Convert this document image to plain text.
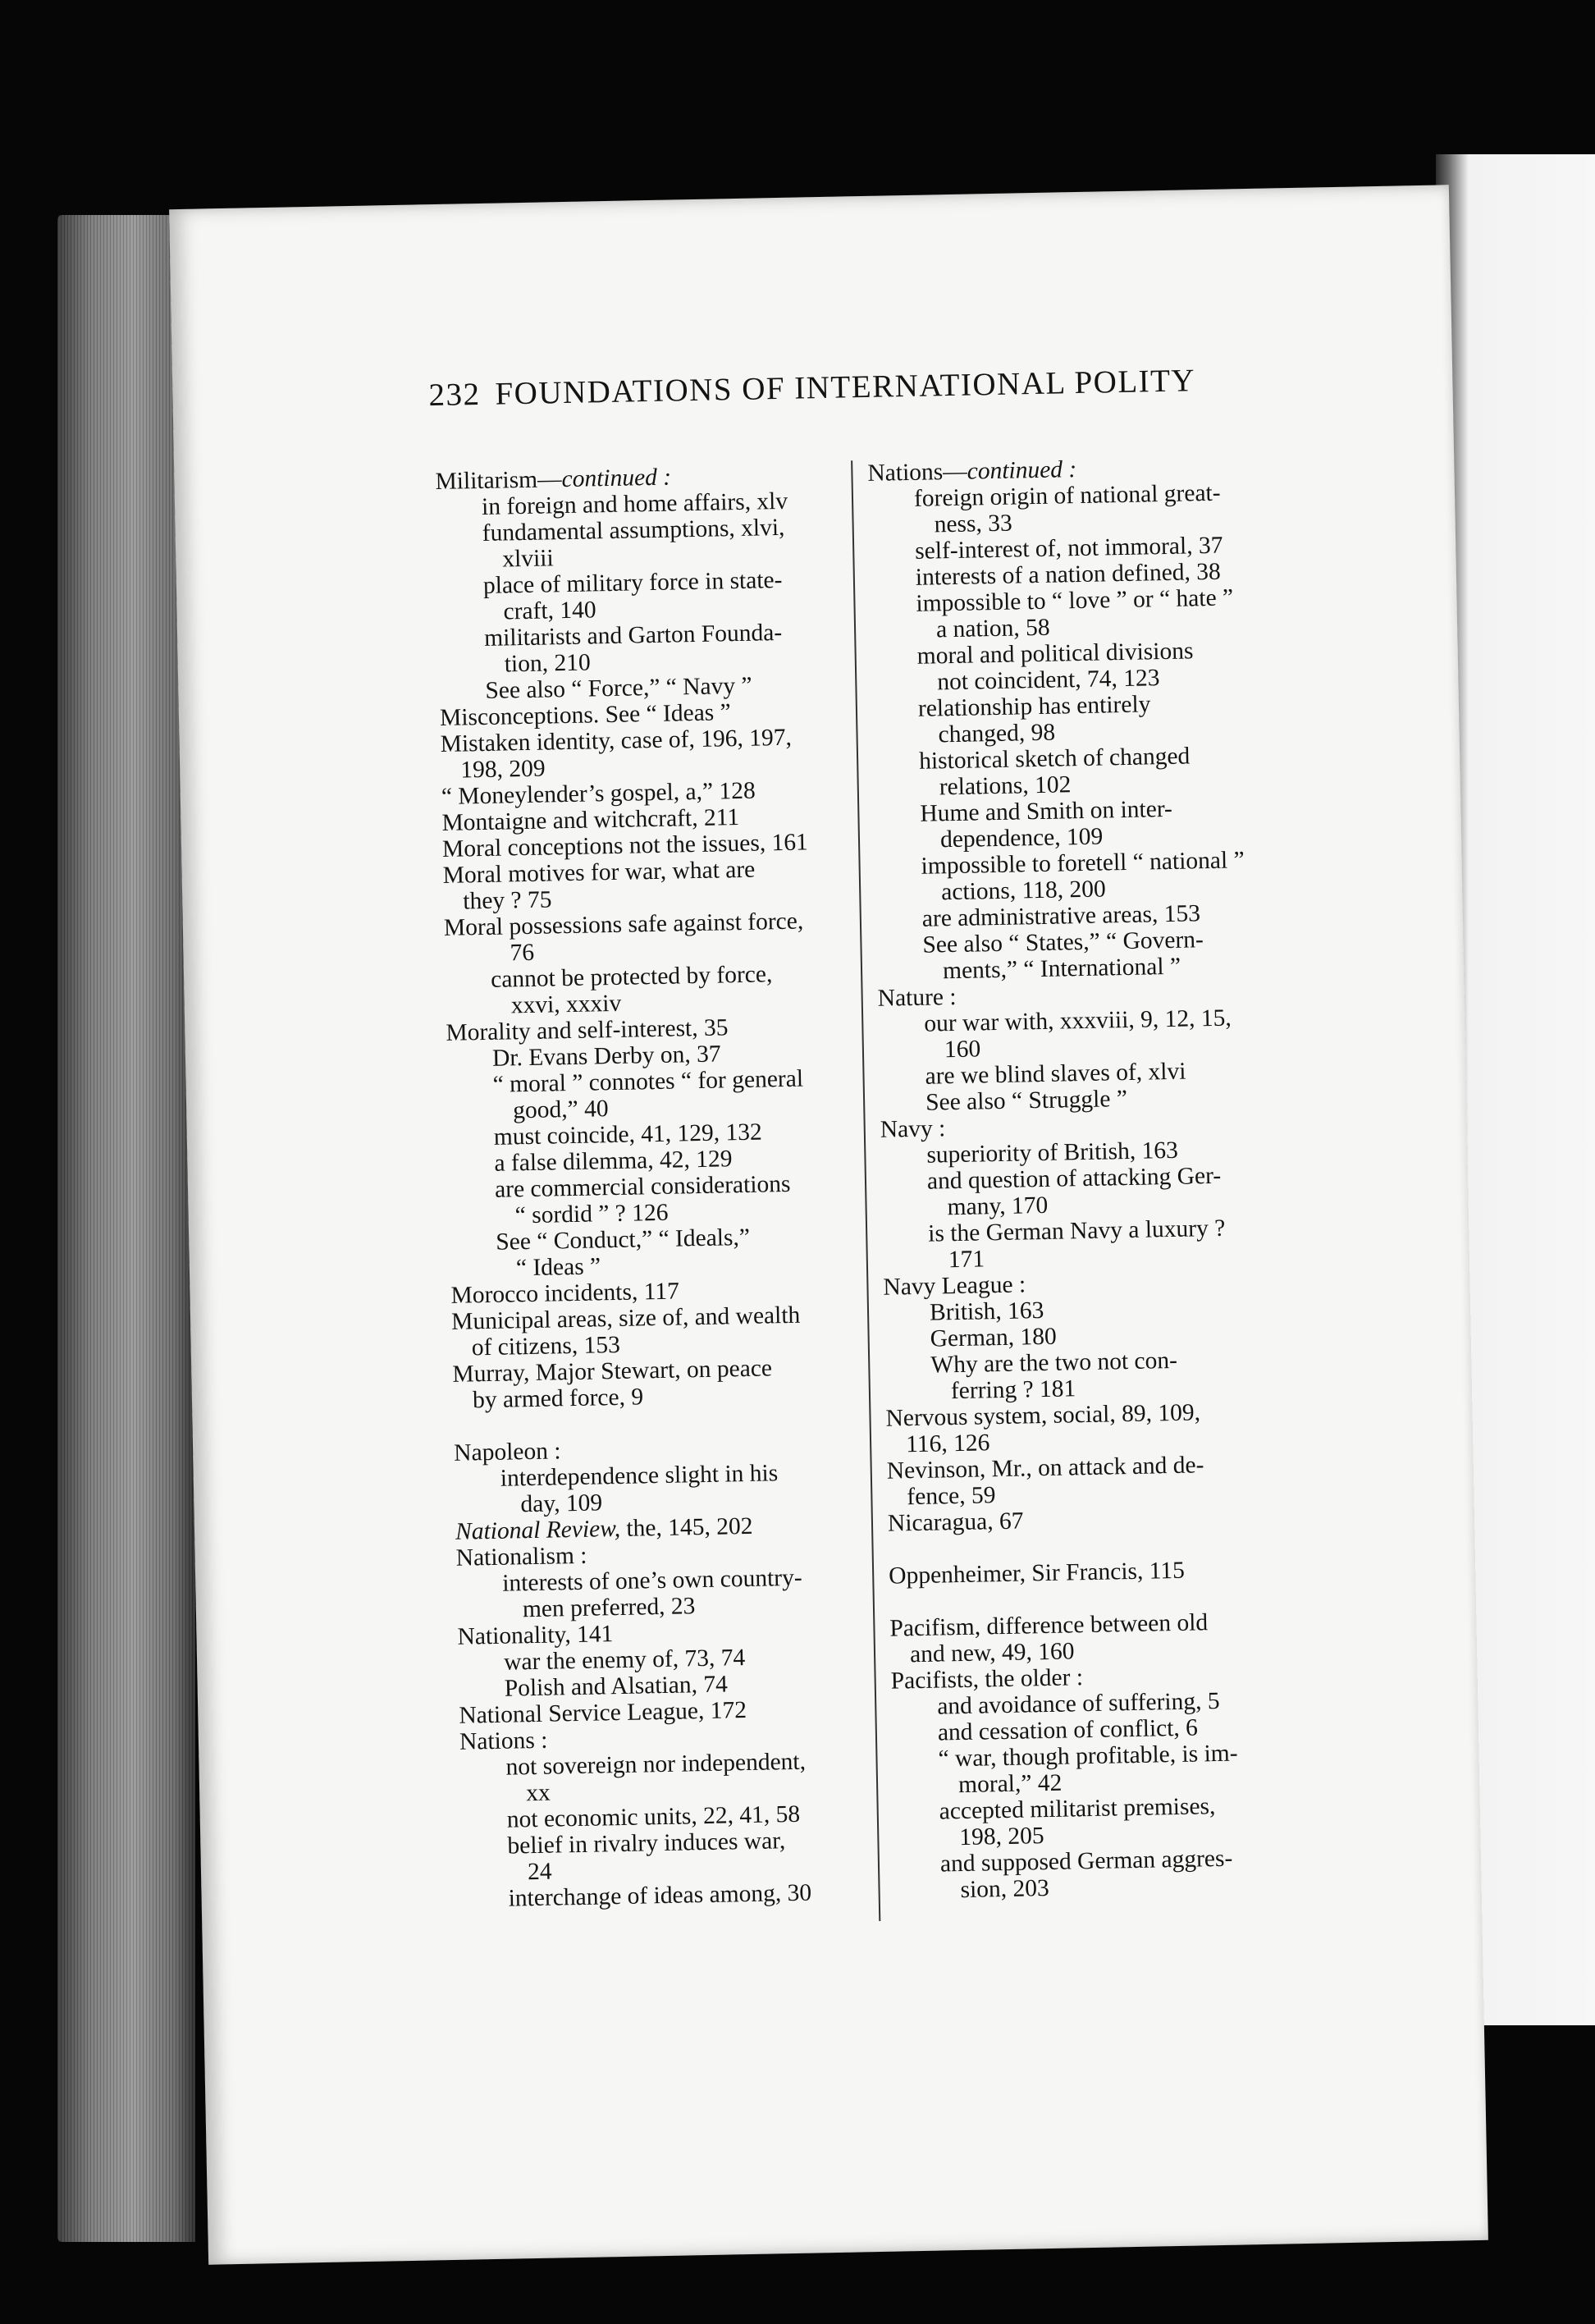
232 FOUNDATIONS OF INTERNATIONAL POLITY
Militarism—continued :
in foreign and home affairs, xlv
fundamental assumptions, xlvi,
xlviii
place of military force in state-
craft, 140
militarists and Garton Founda-
tion, 210
See also “ Force,” “ Navy ”
Misconceptions. See “ Ideas ”
Mistaken identity, case of, 196, 197,
198, 209
“ Moneylender’s gospel, a,” 128
Montaigne and witchcraft, 211
Moral conceptions not the issues, 161
Moral motives for war, what are
they ? 75
Moral possessions safe against force,
76
cannot be protected by force,
xxvi, xxxiv
Morality and self-interest, 35
Dr. Evans Derby on, 37
“ moral ” connotes “ for general
good,” 40
must coincide, 41, 129, 132
a false dilemma, 42, 129
are commercial considerations
“ sordid ” ? 126
See “ Conduct,” “ Ideals,”
“ Ideas ”
Morocco incidents, 117
Municipal areas, size of, and wealth
of citizens, 153
Murray, Major Stewart, on peace
by armed force, 9
Napoleon :
interdependence slight in his
day, 109
National Review, the, 145, 202
Nationalism :
interests of one’s own country-
men preferred, 23
Nationality, 141
war the enemy of, 73, 74
Polish and Alsatian, 74
National Service League, 172
Nations :
not sovereign nor independent,
xx
not economic units, 22, 41, 58
belief in rivalry induces war,
24
interchange of ideas among, 30
Nations—continued :
foreign origin of national great-
ness, 33
self-interest of, not immoral, 37
interests of a nation defined, 38
impossible to “ love ” or “ hate ”
a nation, 58
moral and political divisions
not coincident, 74, 123
relationship has entirely
changed, 98
historical sketch of changed
relations, 102
Hume and Smith on inter-
dependence, 109
impossible to foretell “ national ”
actions, 118, 200
are administrative areas, 153
See also “ States,” “ Govern-
ments,” “ International ”
Nature :
our war with, xxxviii, 9, 12, 15,
160
are we blind slaves of, xlvi
See also “ Struggle ”
Navy :
superiority of British, 163
and question of attacking Ger-
many, 170
is the German Navy a luxury ?
171
Navy League :
British, 163
German, 180
Why are the two not con-
ferring ? 181
Nervous system, social, 89, 109,
116, 126
Nevinson, Mr., on attack and de-
fence, 59
Nicaragua, 67
Oppenheimer, Sir Francis, 115
Pacifism, difference between old
and new, 49, 160
Pacifists, the older :
and avoidance of suffering, 5
and cessation of conflict, 6
“ war, though profitable, is im-
moral,” 42
accepted militarist premises,
198, 205
and supposed German aggres-
sion, 203
